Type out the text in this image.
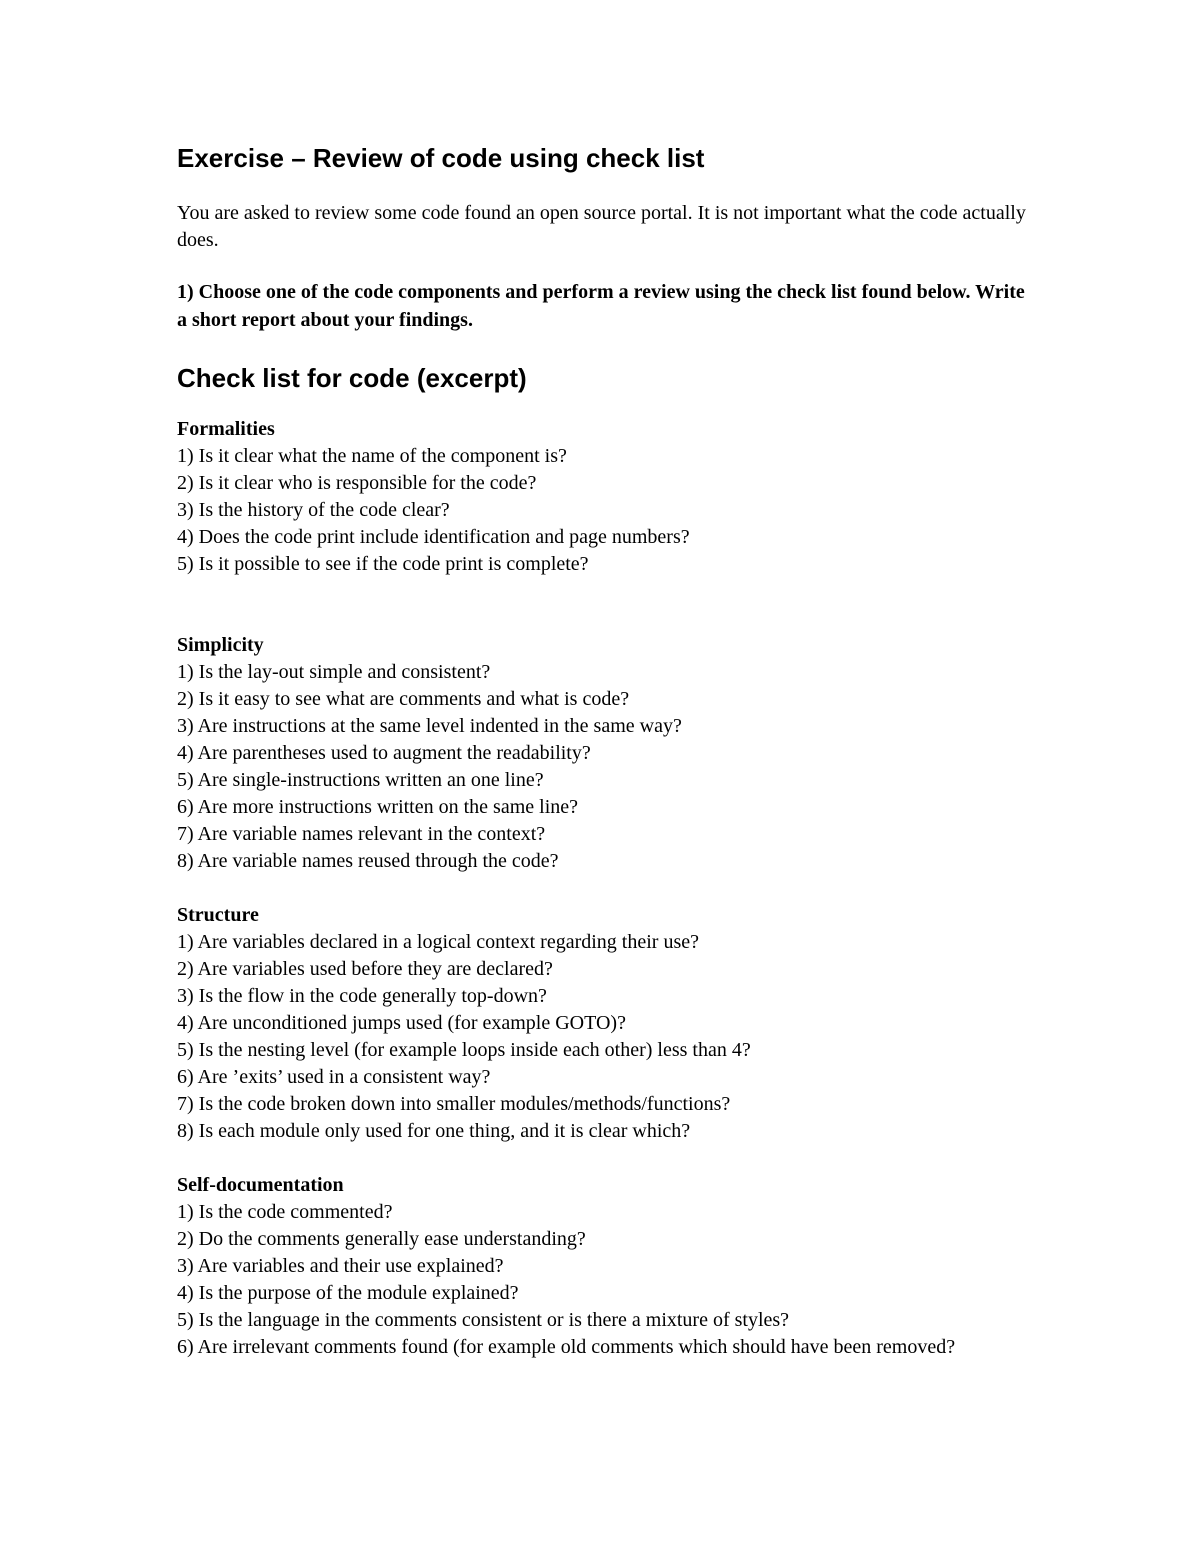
Exercise – Review of code using check list

You are asked to review some code found an open source portal. It is not important what the code actually does.

1) Choose one of the code components and perform a review using the check list found below. Write a short report about your findings.

Check list for code (excerpt)
Formalities
1) Is it clear what the name of the component is?
2) Is it clear who is responsible for the code?
3) Is the history of the code clear?
4) Does the code print include identification and page numbers?
5) Is it possible to see if the code print is complete?
Simplicity
1) Is the lay-out simple and consistent?
2) Is it easy to see what are comments and what is code?
3) Are instructions at the same level indented in the same way?
4) Are parentheses used to augment the readability?
5) Are single-instructions written an one line?
6) Are more instructions written on the same line?
7) Are variable names relevant in the context?
8) Are variable names reused through the code?
Structure
1) Are variables declared in a logical context regarding their use?
2) Are variables used before they are declared?
3) Is the flow in the code generally top-down?
4) Are unconditioned jumps used (for example GOTO)?
5) Is the nesting level (for example loops inside each other) less than 4?
6) Are ’exits’ used in a consistent way?
7) Is the code broken down into smaller modules/methods/functions?
8) Is each module only used for one thing, and it is clear which?
Self-documentation
1) Is the code commented?
2) Do the comments generally ease understanding?
3) Are variables and their use explained?
4) Is the purpose of the module explained?
5) Is the language in the comments consistent or is there a mixture of styles?
6) Are irrelevant comments found (for example old comments which should have been removed?
